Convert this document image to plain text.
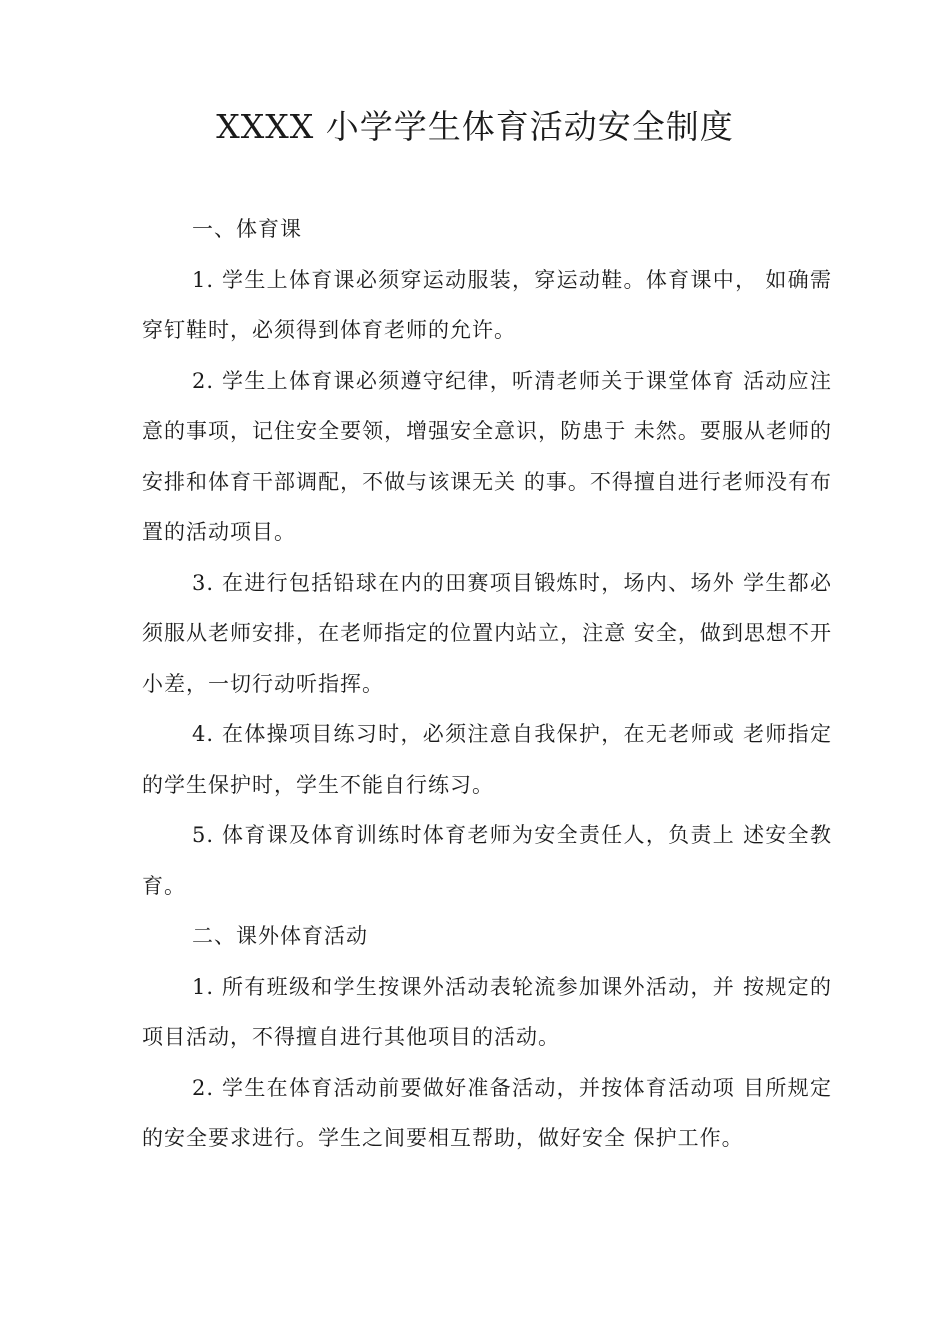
XXXX 小学学生体育活动安全制度

一、体育课

1. 学生上体育课必须穿运动服装，穿运动鞋。体育课中， 如确需穿钉鞋时，必须得到体育老师的允许。

2. 学生上体育课必须遵守纪律，听清老师关于课堂体育 活动应注意的事项，记住安全要领，增强安全意识，防患于 未然。要服从老师的安排和体育干部调配，不做与该课无关 的事。不得擅自进行老师没有布置的活动项目。

3. 在进行包括铅球在内的田赛项目锻炼时，场内、场外 学生都必须服从老师安排，在老师指定的位置内站立，注意 安全，做到思想不开小差，一切行动听指挥。

4. 在体操项目练习时，必须注意自我保护，在无老师或 老师指定的学生保护时，学生不能自行练习。

5. 体育课及体育训练时体育老师为安全责任人，负责上 述安全教育。

二、课外体育活动

1. 所有班级和学生按课外活动表轮流参加课外活动，并 按规定的项目活动，不得擅自进行其他项目的活动。

2. 学生在体育活动前要做好准备活动，并按体育活动项 目所规定的安全要求进行。学生之间要相互帮助，做好安全 保护工作。
